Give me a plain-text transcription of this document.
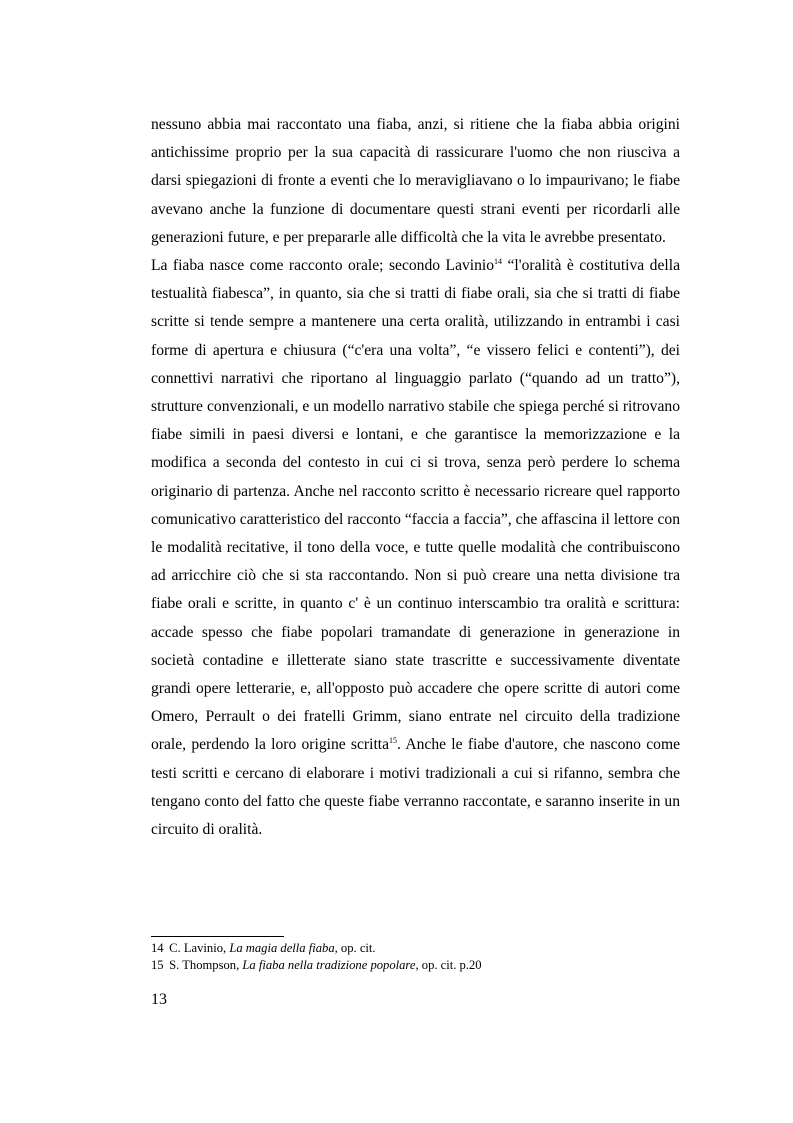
nessuno abbia mai raccontato una fiaba, anzi, si ritiene che la fiaba abbia origini antichissime proprio per la sua capacità di rassicurare l'uomo che non riusciva a darsi spiegazioni di fronte a eventi che lo meravigliavano o lo impaurivano; le fiabe avevano anche la funzione di documentare questi strani eventi per ricordarli alle generazioni future, e per prepararle alle difficoltà che la vita le avrebbe presentato.

La fiaba nasce come racconto orale; secondo Lavinio$^{14}$ “l'oralità è costitutiva della testualità fiabesca”, in quanto, sia che si tratti di fiabe orali, sia che si tratti di fiabe scritte si tende sempre a mantenere una certa oralità, utilizzando in entrambi i casi forme di apertura e chiusura (“c'era una volta”, “e vissero felici e contenti”), dei connettivi narrativi che riportano al linguaggio parlato (“quando ad un tratto”), strutture convenzionali, e un modello narrativo stabile che spiega perché si ritrovano fiabe simili in paesi diversi e lontani, e che garantisce la memorizzazione e la modifica a seconda del contesto in cui ci si trova, senza però perdere lo schema originario di partenza. Anche nel racconto scritto è necessario ricreare quel rapporto comunicativo caratteristico del racconto “faccia a faccia”, che affascina il lettore con le modalità recitative, il tono della voce, e tutte quelle modalità che contribuiscono ad arricchire ciò che si sta raccontando. Non si può creare una netta divisione tra fiabe orali e scritte, in quanto c' è un continuo interscambio tra oralità e scrittura: accade spesso che fiabe popolari tramandate di generazione in generazione in società contadine e illetterate siano state trascritte e successivamente diventate grandi opere letterarie, e, all'opposto può accadere che opere scritte di autori come Omero, Perrault o dei fratelli Grimm, siano entrate nel circuito della tradizione orale, perdendo la loro origine scritta$^{15}$. Anche le fiabe d'autore, che nascono come testi scritti e cercano di elaborare i motivi tradizionali a cui si rifanno, sembra che tengano conto del fatto che queste fiabe verranno raccontate, e saranno inserite in un circuito di oralità.

14 C. Lavinio, La magia della fiaba, op. cit.

15 S. Thompson, La fiaba nella tradizione popolare, op. cit. p.20

13
